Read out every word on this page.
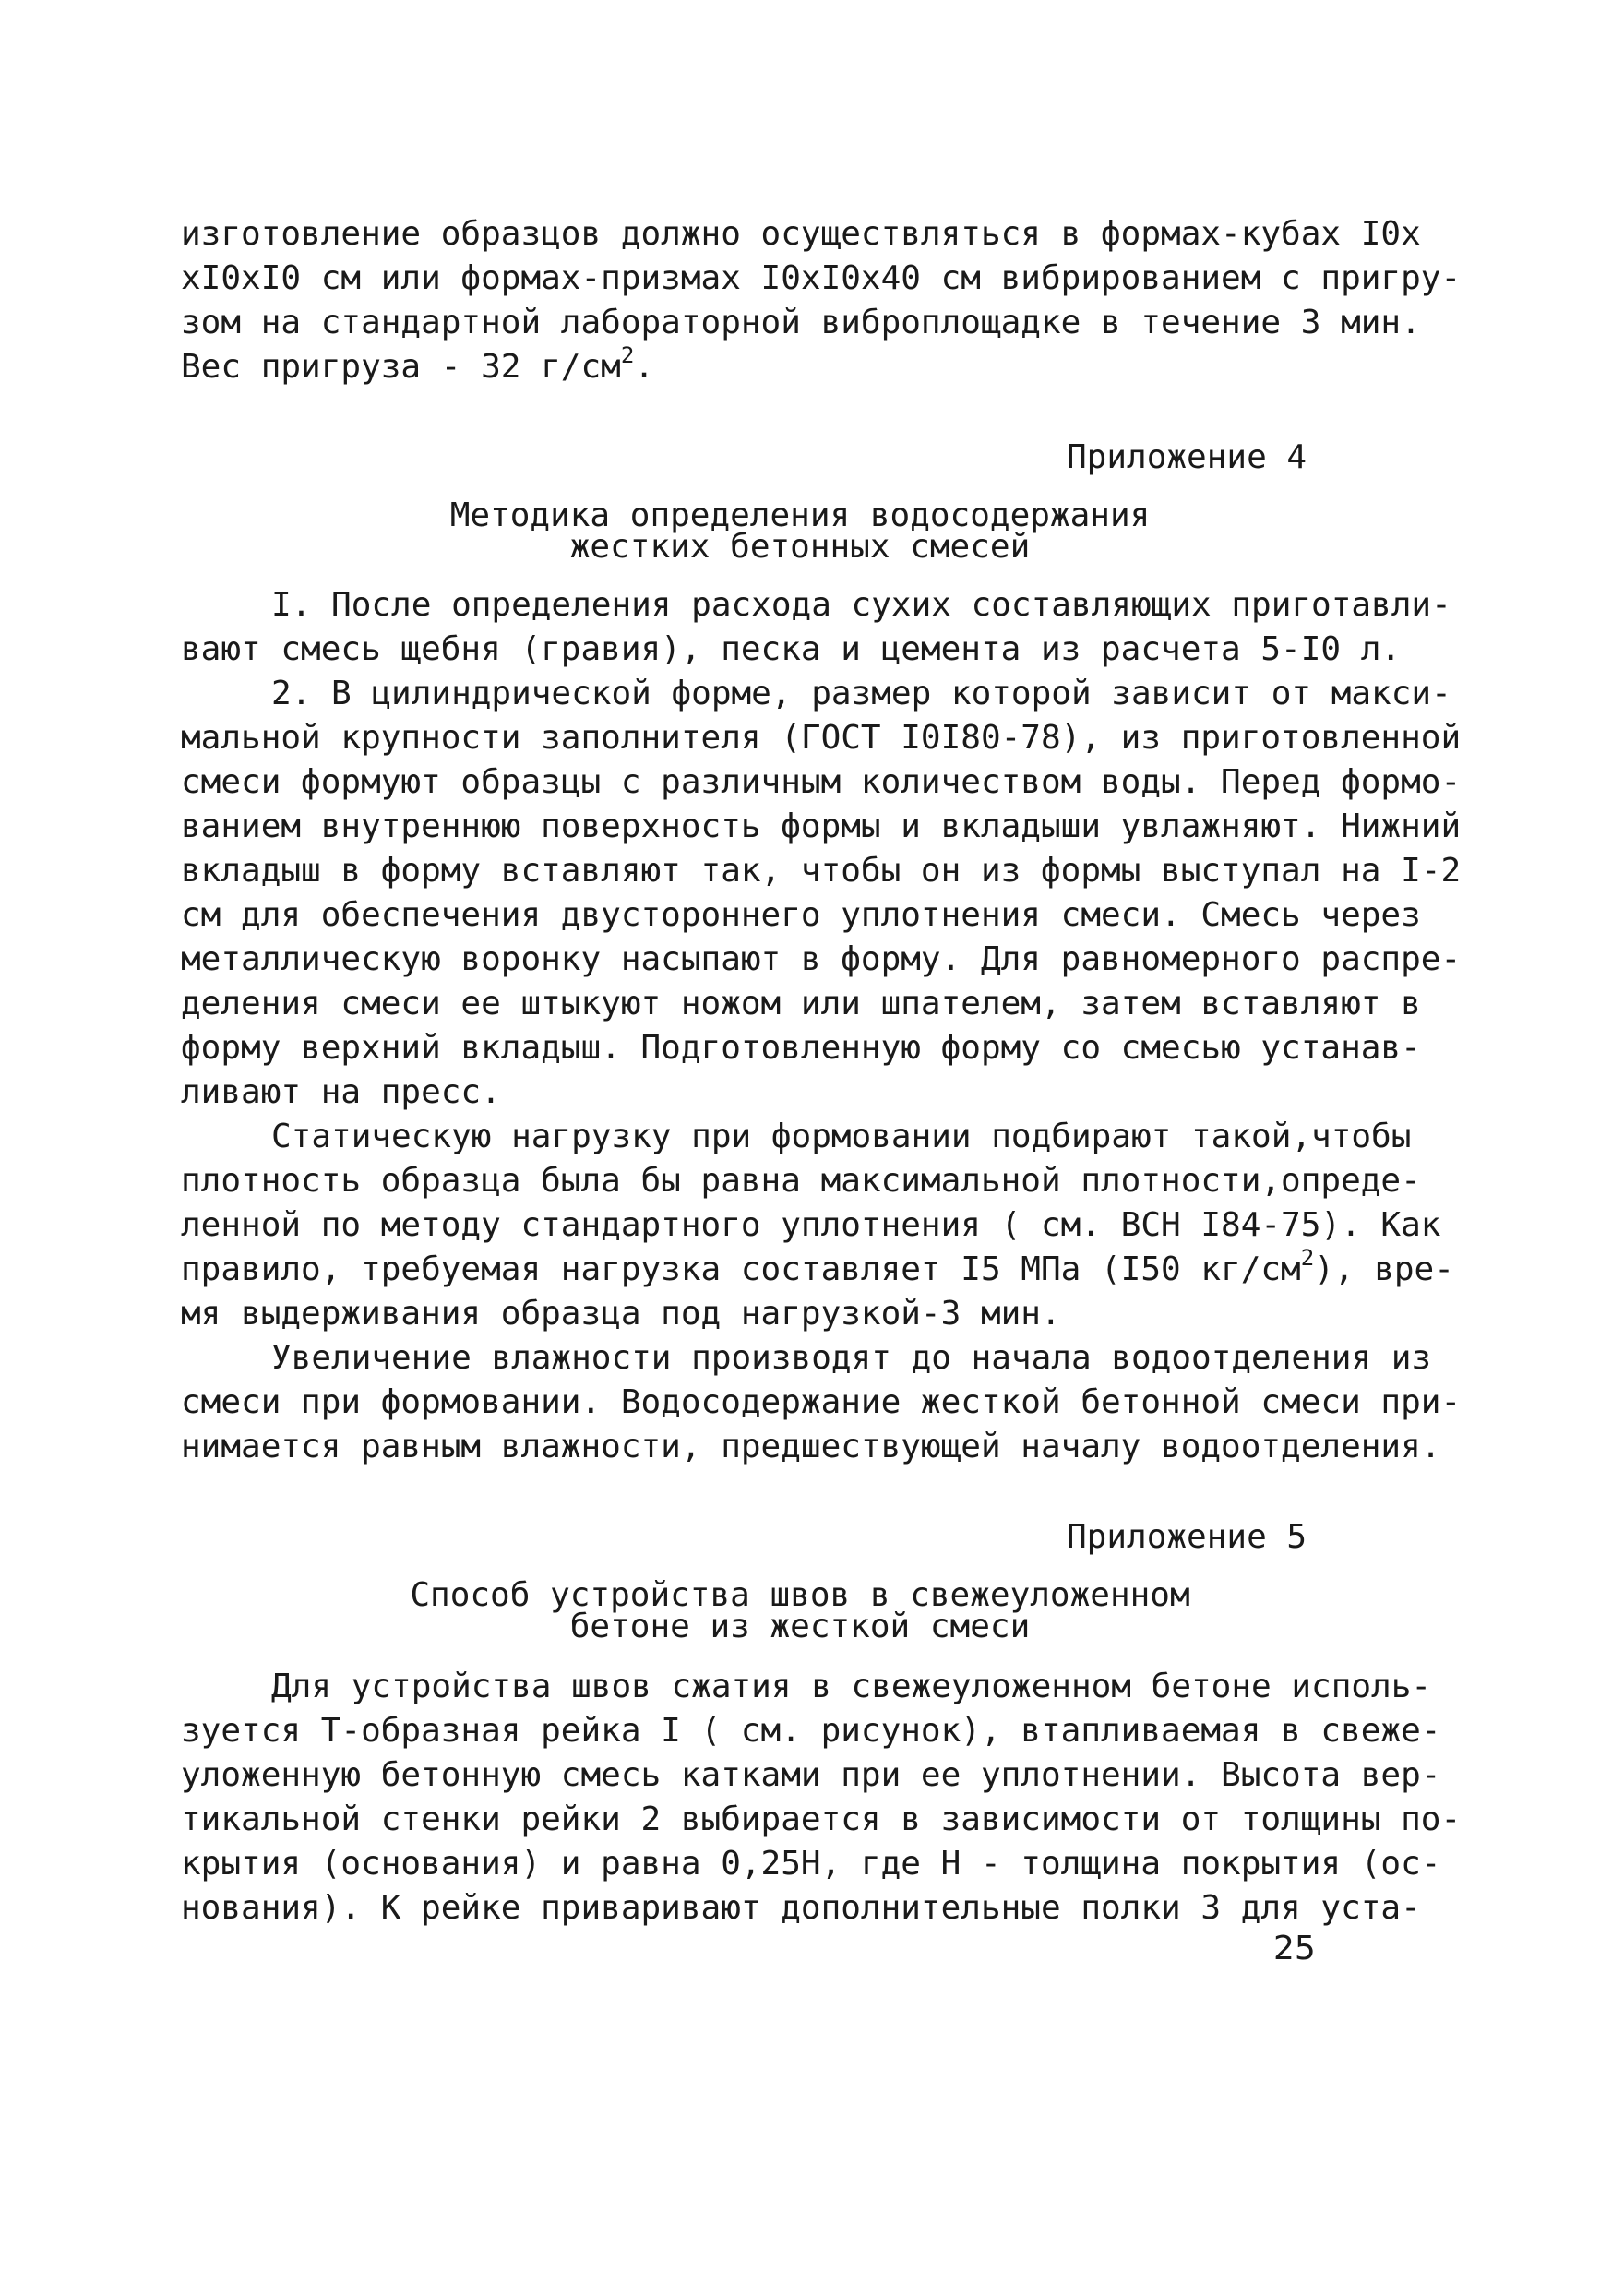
изготовление образцов должно осуществляться в формах-кубах I0х
хI0хI0 см или формах-призмах I0хI0х40 см вибрированием с пригру-
зом на стандартной лабораторной виброплощадке в течение 3 мин.
Вес пригруза - 32 $г/см^2$.
Приложение 4
Методика определения водосодержания
жестких бетонных смесей
I. После определения расхода сухих составляющих приготавли-
вают смесь щебня (гравия), песка и цемента из расчета 5-I0 л.
2. В цилиндрической форме, размер которой зависит от макси-
мальной крупности заполнителя (ГОСТ I0I80-78), из приготовленной
смеси формуют образцы с различным количеством воды. Перед формо-
ванием внутреннюю поверхность формы и вкладыши увлажняют. Нижний
вкладыш в форму вставляют так, чтобы он из формы выступал на I-2
см для обеспечения двустороннего уплотнения смеси. Смесь через
металлическую воронку насыпают в форму. Для равномерного распре-
деления смеси ее штыкуют ножом или шпателем, затем вставляют в
форму верхний вкладыш. Подготовленную форму со смесью устанав-
ливают на пресс.
Статическую нагрузку при формовании подбирают такой,чтобы
плотность образца была бы равна максимальной плотности,опреде-
ленной по методу стандартного уплотнения ( см. ВСН I84-75). Как
правило, требуемая нагрузка составляет I5 МПа (I50 $кг/см^2$), вре-
мя выдерживания образца под нагрузкой-3 мин.
Увеличение влажности производят до начала водоотделения из
смеси при формовании. Водосодержание жесткой бетонной смеси при-
нимается равным влажности, предшествующей началу водоотделения.
Приложение 5
Способ устройства швов в свежеуложенном
бетоне из жесткой смеси
Для устройства швов сжатия в свежеуложенном бетоне исполь-
зуется Т-образная рейка I ( см. рисунок), втапливаемая в свеже-
уложенную бетонную смесь катками при ее уплотнении. Высота вер-
тикальной стенки рейки 2 выбирается в зависимости от толщины по-
крытия (основания) и равна 0,25Н, где Н - толщина покрытия (ос-
нования). К рейке приваривают дополнительные полки 3 для уста-
25
